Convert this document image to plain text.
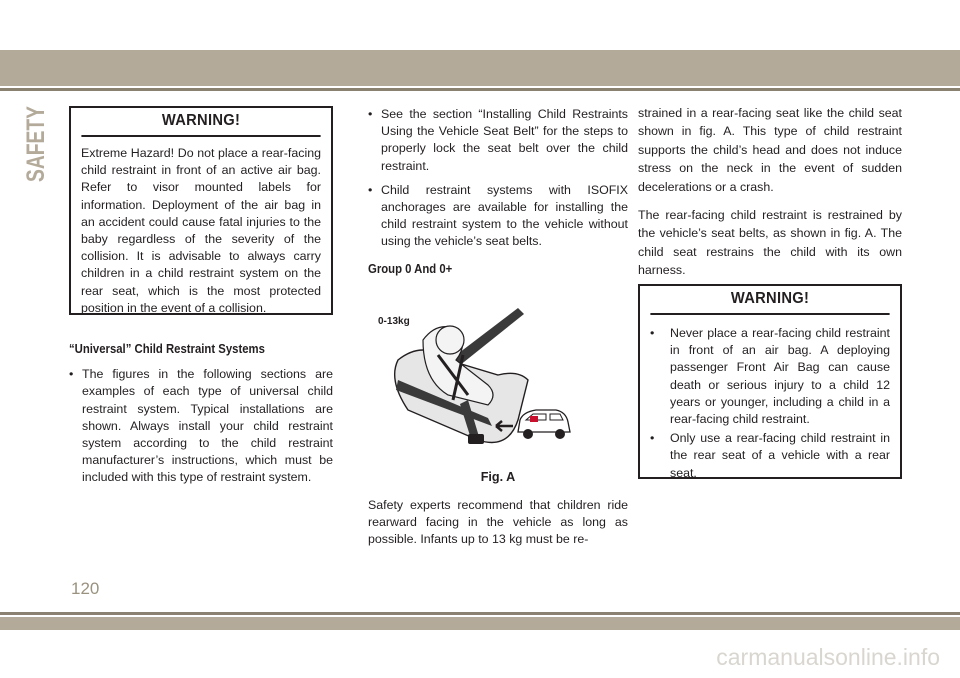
SAFETY	WARNING!
Extreme Hazard! Do not place a rear-facing child restraint in front of an active air bag. Refer to visor mounted labels for information. Deployment of the air bag in an accident could cause fatal injuries to the baby regardless of the severity of the collision. It is advisable to always carry children in a child restraint system on the rear seat, which is the most protected position in the event of a collision.
“Universal” Child Restraint Systems
• The figures in the following sections are examples of each type of universal child restraint system. Typical installations are shown. Always install your child restraint system according to the child restraint manufacturer’s instructions, which must be included with this type of restraint system.
• See the section “Installing Child Restraints Using the Vehicle Seat Belt” for the steps to properly lock the seat belt over the child restraint.
• Child restraint systems with ISOFIX anchorages are available for installing the child restraint system to the vehicle without using the vehicle’s seat belts.
Group 0 And 0+
0-13kg
Fig. A
Safety experts recommend that children ride rearward facing in the vehicle as long as possible. Infants up to 13 kg must be re-
strained in a rear-facing seat like the child seat shown in fig. A. This type of child restraint supports the child’s head and does not induce stress on the neck in the event of sudden decelerations or a crash.
The rear-facing child restraint is restrained by the vehicle’s seat belts, as shown in fig. A. The child seat restrains the child with its own harness.
WARNING!
• Never place a rear-facing child restraint in front of an air bag. A deploying passenger Front Air Bag can cause death or serious injury to a child 12 years or younger, including a child in a rear-facing child restraint.
• Only use a rear-facing child restraint in the rear seat of a vehicle with a rear seat.
120
carmanualsonline.info
